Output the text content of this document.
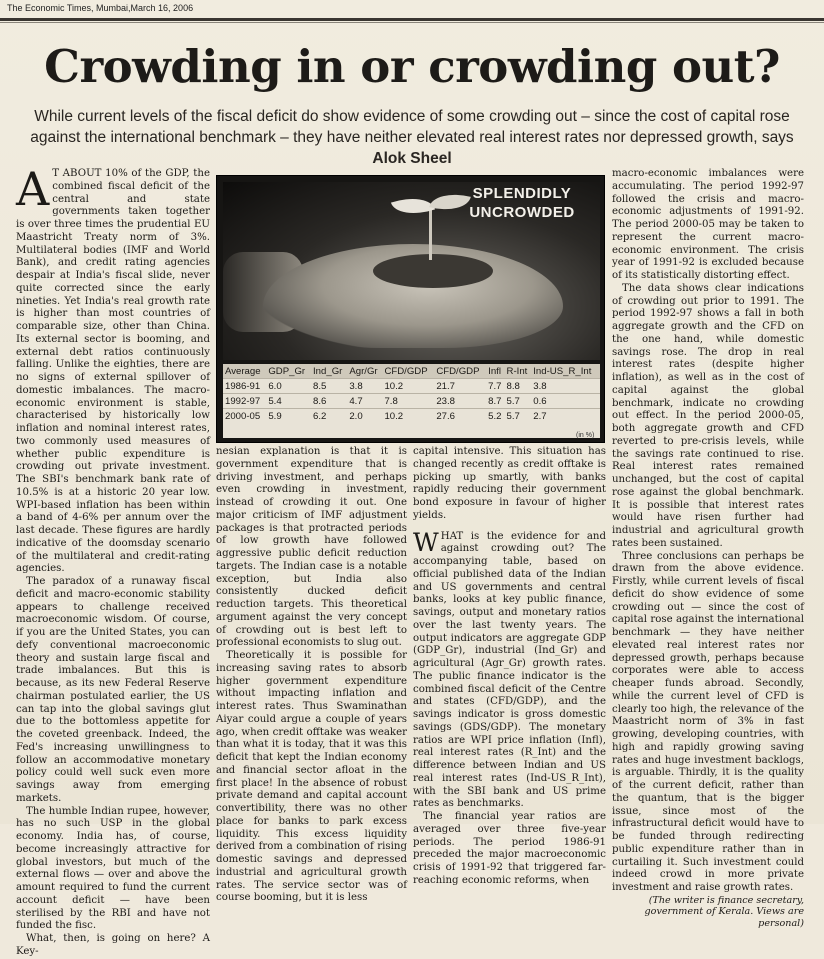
The Economic Times, Mumbai,March 16, 2006
Crowding in or crowding out?
While current levels of the fiscal deficit do show evidence of some crowding out – since the cost of capital rose against the international benchmark – they have neither elevated real interest rates nor depressed growth, says Alok Sheel

A T ABOUT 10% of the GDP, the combined fiscal deficit of the central and state governments taken together is over three times the prudential EU Maastricht Treaty norm of 3%. Multilateral bodies (IMF and World Bank), and credit rating agencies despair at India's fiscal slide, never quite corrected since the early nineties. Yet India's real growth rate is higher than most countries of comparable size, other than China. Its external sector is booming, and external debt ratios continuously falling. Unlike the eighties, there are no signs of external spillover of domestic imbalances. The macro-economic environment is stable, characterised by historically low inflation and nominal interest rates, two commonly used measures of whether public expenditure is crowding out private investment. The SBI's benchmark bank rate of 10.5% is at a historic 20 year low. WPI-based inflation has been within a band of 4-6% per annum over the last decade. These figures are hardly indicative of the doomsday scenario of the multilateral and credit-rating agencies.

The paradox of a runaway fiscal deficit and macro-economic stability appears to challenge received macroeconomic wisdom. Of course, if you are the United States, you can defy conventional macroeconomic theory and sustain large fiscal and trade imbalances. But this is because, as its new Federal Reserve chairman postulated earlier, the US can tap into the global savings glut due to the bottomless appetite for the coveted greenback. Indeed, the Fed's increasing unwillingness to follow an accommodative monetary policy could well suck even more savings away from emerging markets.

The humble Indian rupee, however, has no such USP in the global economy. India has, of course, become increasingly attractive for global investors, but much of the external flows — over and above the amount required to fund the current account deficit — have been sterilised by the RBI and have not funded the fisc.

What, then, is going on here? A Key-

SPLENDIDLY
UNCROWDED
Average	GDP_Gr	Ind_Gr	Agr/Gr	CFD/GDP	CFD/GDP	Infl	R-Int	Ind-US_R_Int
1986-91	6.0	8.5	3.8	10.2	21.7	7.7	8.8	3.8
1992-97	5.4	8.6	4.7	7.8	23.8	8.7	5.7	0.6
2000-05	5.9	6.2	2.0	10.2	27.6	5.2	5.7	2.7
(in %)

nesian explanation is that it is government expenditure that is driving investment, and perhaps even crowding in investment, instead of crowding it out. One major criticism of IMF adjustment packages is that protracted periods of low growth have followed aggressive public deficit reduction targets. The Indian case is a notable exception, but India also consistently ducked deficit reduction targets. This theoretical argument against the very concept of crowding out is best left to professional economists to slug out.

Theoretically it is possible for increasing saving rates to absorb higher government expenditure without impacting inflation and interest rates. Thus Swaminathan Aiyar could argue a couple of years ago, when credit offtake was weaker than what it is today, that it was this deficit that kept the Indian economy and financial sector afloat in the first place! In the absence of robust private demand and capital account convertibility, there was no other place for banks to park excess liquidity. This excess liquidity derived from a combination of rising domestic savings and depressed industrial and agricultural growth rates. The service sector was of course booming, but it is less

capital intensive. This situation has changed recently as credit offtake is picking up smartly, with banks rapidly reducing their government bond exposure in favour of higher yields.

WHAT is the evidence for and against crowding out? The accompanying table, based on official published data of the Indian and US governments and central banks, looks at key public finance, savings, output and monetary ratios over the last twenty years. The output indicators are aggregate GDP (GDP_Gr), industrial (Ind_Gr) and agricultural (Agr_Gr) growth rates. The public finance indicator is the combined fiscal deficit of the Centre and states (CFD/GDP), and the savings indicator is gross domestic savings (GDS/GDP). The monetary ratios are WPI price inflation (Infl), real interest rates (R_Int) and the difference between Indian and US real interest rates (Ind-US_R_Int), with the SBI bank and US prime rates as benchmarks.

The financial year ratios are averaged over three five-year periods. The period 1986-91 preceded the major macroeconomic crisis of 1991-92 that triggered far-reaching economic reforms, when

macro-economic imbalances were accumulating. The period 1992-97 followed the crisis and macro-economic adjustments of 1991-92. The period 2000-05 may be taken to represent the current macro-economic environment. The crisis year of 1991-92 is excluded because of its statistically distorting effect.

The data shows clear indications of crowding out prior to 1991. The period 1992-97 shows a fall in both aggregate growth and the CFD on the one hand, while domestic savings rose. The drop in real interest rates (despite higher inflation), as well as in the cost of capital against the global benchmark, indicate no crowding out effect. In the period 2000-05, both aggregate growth and CFD reverted to pre-crisis levels, while the savings rate continued to rise. Real interest rates remained unchanged, but the cost of capital rose against the global benchmark. It is possible that interest rates would have risen further had industrial and agricultural growth rates been sustained.

Three conclusions can perhaps be drawn from the above evidence. Firstly, while current levels of fiscal deficit do show evidence of some crowding out — since the cost of capital rose against the international benchmark — they have neither elevated real interest rates nor depressed growth, perhaps because corporates were able to access cheaper funds abroad. Secondly, while the current level of CFD is clearly too high, the relevance of the Maastricht norm of 3% in fast growing, developing countries, with high and rapidly growing saving rates and huge investment backlogs, is arguable. Thirdly, it is the quality of the current deficit, rather than the quantum, that is the bigger issue, since most of the infrastructural deficit would have to be funded through redirecting public expenditure rather than in curtailing it. Such investment could indeed crowd in more private investment and raise growth rates.

(The writer is finance secretary, government of Kerala. Views are personal)
